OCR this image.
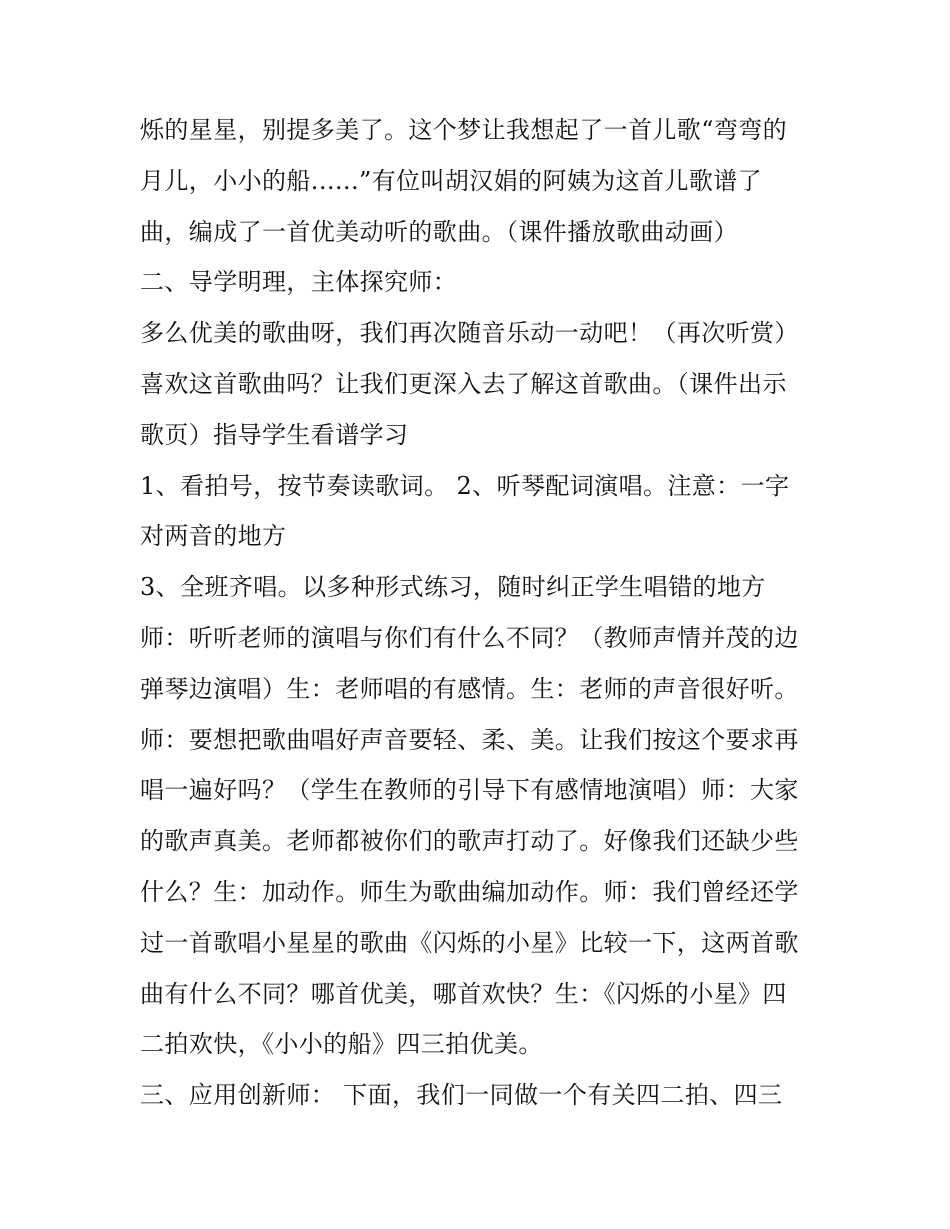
烁的星星，别提多美了。这个梦让我想起了一首儿歌“弯弯的
月儿，小小的船......”有位叫胡汉娟的阿姨为这首儿歌谱了
曲，编成了一首优美动听的歌曲。（课件播放歌曲动画）
二、导学明理，主体探究师：
多么优美的歌曲呀，我们再次随音乐动一动吧！（再次听赏）
喜欢这首歌曲吗？让我们更深入去了解这首歌曲。（课件出示
歌页）指导学生看谱学习
1、看拍号，按节奏读歌词。 2、听琴配词演唱。注意：一字
对两音的地方
3、全班齐唱。以多种形式练习，随时纠正学生唱错的地方
师：听听老师的演唱与你们有什么不同？（教师声情并茂的边
弹琴边演唱）生：老师唱的有感情。生：老师的声音很好听。
师：要想把歌曲唱好声音要轻、柔、美。让我们按这个要求再
唱一遍好吗？（学生在教师的引导下有感情地演唱）师：大家
的歌声真美。老师都被你们的歌声打动了。好像我们还缺少些
什么？生：加动作。师生为歌曲编加动作。师：我们曾经还学
过一首歌唱小星星的歌曲《闪烁的小星》比较一下，这两首歌
曲有什么不同？哪首优美，哪首欢快？生：《闪烁的小星》四
二拍欢快，《小小的船》四三拍优美。
三、应用创新师： 下面，我们一同做一个有关四二拍、四三
